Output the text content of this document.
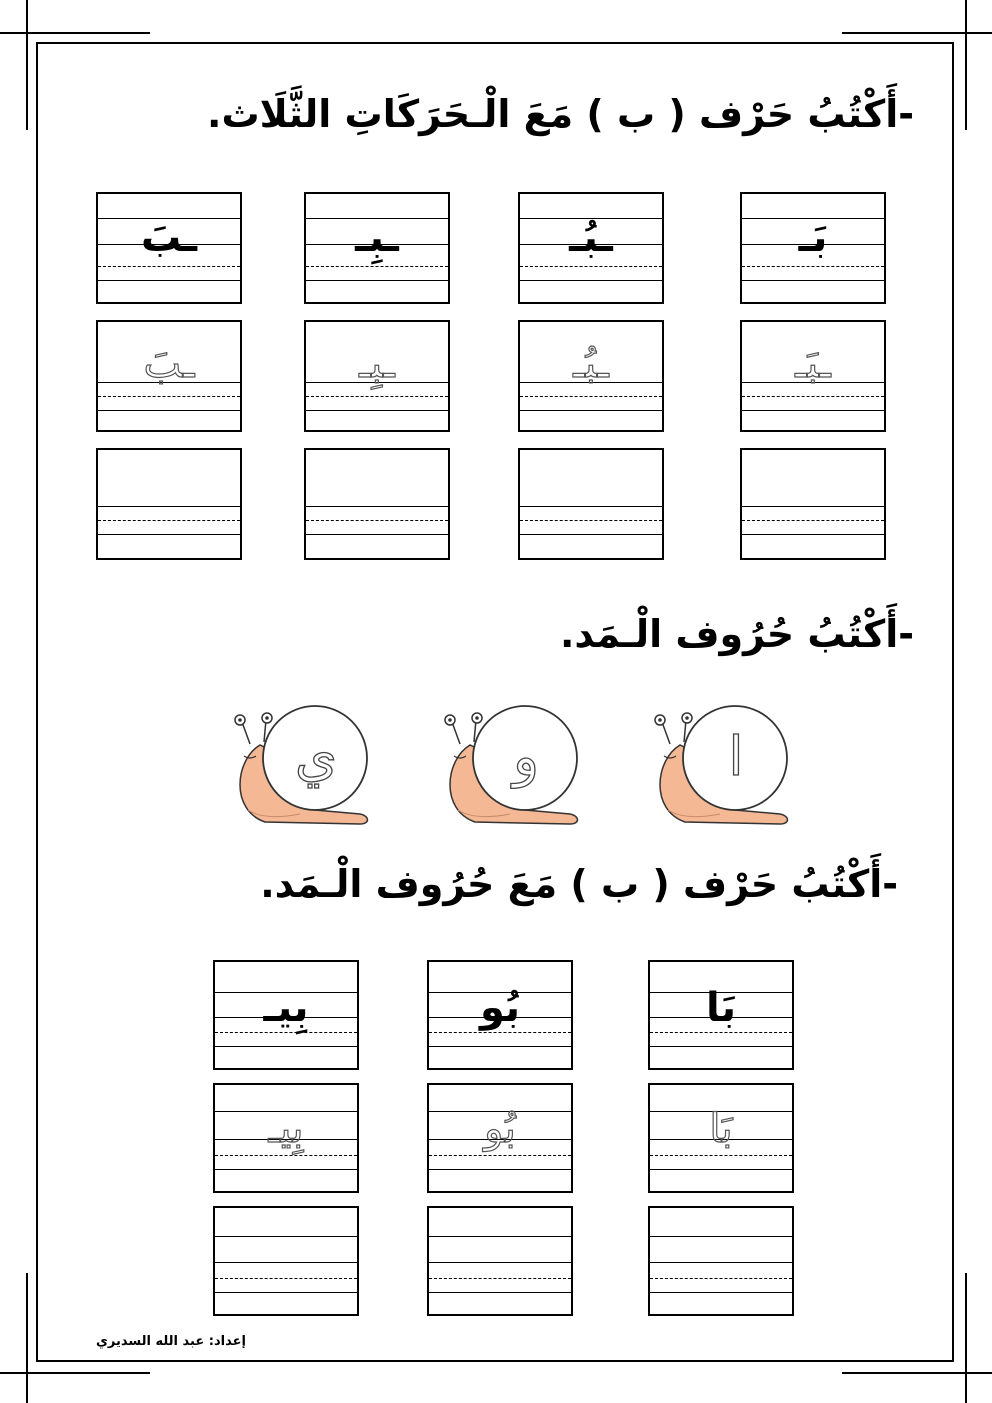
-أَكْتُبُ حَرْف ( ب ) مَعَ الْـحَرَكَاتِ الثَّلَاث.
بَـ
ـبُـ
ـبِـ
ـبَ
ـبَـ
ـبُـ
ـبِـ
ـبَ
-أَكْتُبُ حُرُوف الْـمَد.
ا
و
ي
-أَكْتُبُ حَرْف ( ب ) مَعَ حُرُوف الْـمَد.
بَا
بُو
بِيـ
بَا
بُو
بِيـ
إعداد: عبد الله السديري
